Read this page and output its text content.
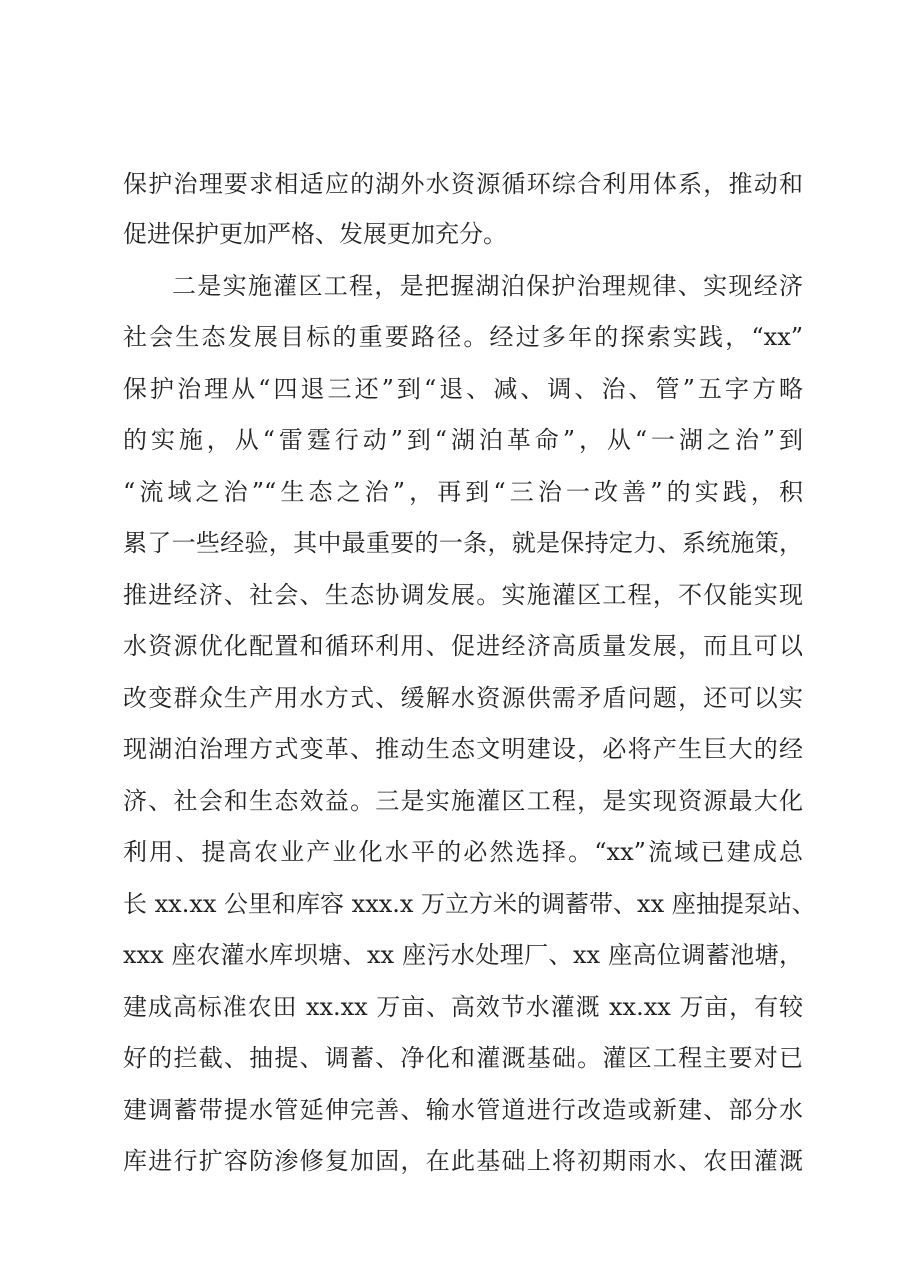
保护治理要求相适应的湖外水资源循环综合利用体系，推动和
促进保护更加严格、发展更加充分。
二是实施灌区工程，是把握湖泊保护治理规律、实现经济
社会生态发展目标的重要路径。经过多年的探索实践，“xx”
保护治理从“四退三还”到“退、减、调、治、管”五字方略
的实施，从“雷霆行动”到“湖泊革命”，从“一湖之治”到
“流域之治”“生态之治”，再到“三治一改善”的实践，积
累了一些经验，其中最重要的一条，就是保持定力、系统施策，
推进经济、社会、生态协调发展。实施灌区工程，不仅能实现
水资源优化配置和循环利用、促进经济高质量发展，而且可以
改变群众生产用水方式、缓解水资源供需矛盾问题，还可以实
现湖泊治理方式变革、推动生态文明建设，必将产生巨大的经
济、社会和生态效益。三是实施灌区工程，是实现资源最大化
利用、提高农业产业化水平的必然选择。“xx”流域已建成总
长 xx.xx 公里和库容 xxx.x 万立方米的调蓄带、xx 座抽提泵站、
xxx 座农灌水库坝塘、xx 座污水处理厂、xx 座高位调蓄池塘，
建成高标准农田 xx.xx 万亩、高效节水灌溉 xx.xx 万亩，有较
好的拦截、抽提、调蓄、净化和灌溉基础。灌区工程主要对已
建调蓄带提水管延伸完善、输水管道进行改造或新建、部分水
库进行扩容防渗修复加固，在此基础上将初期雨水、农田灌溉
